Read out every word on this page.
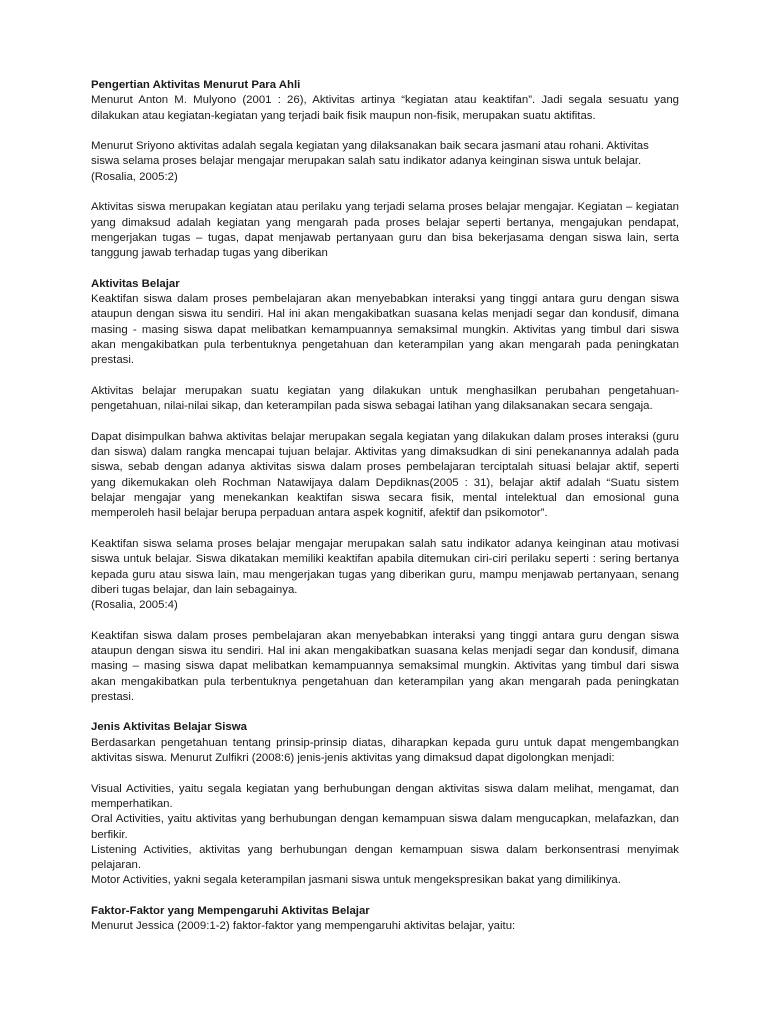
Pengertian Aktivitas Menurut Para Ahli

Menurut Anton M. Mulyono (2001 : 26), Aktivitas artinya “kegiatan atau keaktifan”. Jadi segala sesuatu yang dilakukan atau kegiatan-kegiatan yang terjadi baik fisik maupun non-fisik, merupakan suatu aktifitas.

Menurut Sriyono aktivitas adalah segala kegiatan yang dilaksanakan baik secara jasmani atau rohani. Aktivitas siswa selama proses belajar mengajar merupakan salah satu indikator adanya keinginan siswa untuk belajar. (Rosalia, 2005:2)

Aktivitas siswa merupakan kegiatan atau perilaku yang terjadi selama proses belajar mengajar. Kegiatan – kegiatan yang dimaksud adalah kegiatan yang mengarah pada proses belajar seperti bertanya, mengajukan pendapat, mengerjakan tugas – tugas, dapat menjawab pertanyaan guru dan bisa bekerjasama dengan siswa lain, serta tanggung jawab terhadap tugas yang diberikan

Aktivitas Belajar

Keaktifan siswa dalam proses pembelajaran akan menyebabkan interaksi yang tinggi antara guru dengan siswa ataupun dengan siswa itu sendiri. Hal ini akan mengakibatkan suasana kelas menjadi segar dan kondusif, dimana masing - masing siswa dapat melibatkan kemampuannya semaksimal mungkin. Aktivitas yang timbul dari siswa akan mengakibatkan pula terbentuknya pengetahuan dan keterampilan yang akan mengarah pada peningkatan prestasi.

Aktivitas belajar merupakan suatu kegiatan yang dilakukan untuk menghasilkan perubahan pengetahuan-pengetahuan, nilai-nilai sikap, dan keterampilan pada siswa sebagai latihan yang dilaksanakan secara sengaja.

Dapat disimpulkan bahwa aktivitas belajar merupakan segala kegiatan yang dilakukan dalam proses interaksi (guru dan siswa) dalam rangka mencapai tujuan belajar. Aktivitas yang dimaksudkan di sini penekanannya adalah pada siswa, sebab dengan adanya aktivitas siswa dalam proses pembelajaran terciptalah situasi belajar aktif, seperti yang dikemukakan oleh Rochman Natawijaya dalam Depdiknas(2005 : 31), belajar aktif adalah “Suatu sistem belajar mengajar yang menekankan keaktifan siswa secara fisik, mental intelektual dan emosional guna memperoleh hasil belajar berupa perpaduan antara aspek kognitif, afektif dan psikomotor”.

Keaktifan siswa selama proses belajar mengajar merupakan salah satu indikator adanya keinginan atau motivasi siswa untuk belajar. Siswa dikatakan memiliki keaktifan apabila ditemukan ciri-ciri perilaku seperti : sering bertanya kepada guru atau siswa lain, mau mengerjakan tugas yang diberikan guru, mampu menjawab pertanyaan, senang diberi tugas belajar, dan lain sebagainya.

(Rosalia, 2005:4)

Keaktifan siswa dalam proses pembelajaran akan menyebabkan interaksi yang tinggi antara guru dengan siswa ataupun dengan siswa itu sendiri. Hal ini akan mengakibatkan suasana kelas menjadi segar dan kondusif, dimana masing – masing siswa dapat melibatkan kemampuannya semaksimal mungkin. Aktivitas yang timbul dari siswa akan mengakibatkan pula terbentuknya pengetahuan dan keterampilan yang akan mengarah pada peningkatan prestasi.

Jenis Aktivitas Belajar Siswa

Berdasarkan pengetahuan tentang prinsip-prinsip diatas, diharapkan kepada guru untuk dapat mengembangkan aktivitas siswa. Menurut Zulfikri (2008:6) jenis-jenis aktivitas yang dimaksud dapat digolongkan menjadi:

Visual Activities, yaitu segala kegiatan yang berhubungan dengan aktivitas siswa dalam melihat, mengamat, dan memperhatikan.

Oral Activities, yaitu aktivitas yang berhubungan dengan kemampuan siswa dalam mengucapkan, melafazkan, dan berfikir.

Listening Activities, aktivitas yang berhubungan dengan kemampuan siswa dalam berkonsentrasi menyimak pelajaran.

Motor Activities, yakni segala keterampilan jasmani siswa untuk mengekspresikan bakat yang dimilikinya.

Faktor-Faktor yang Mempengaruhi Aktivitas Belajar

Menurut Jessica (2009:1-2) faktor-faktor yang mempengaruhi aktivitas belajar, yaitu:
